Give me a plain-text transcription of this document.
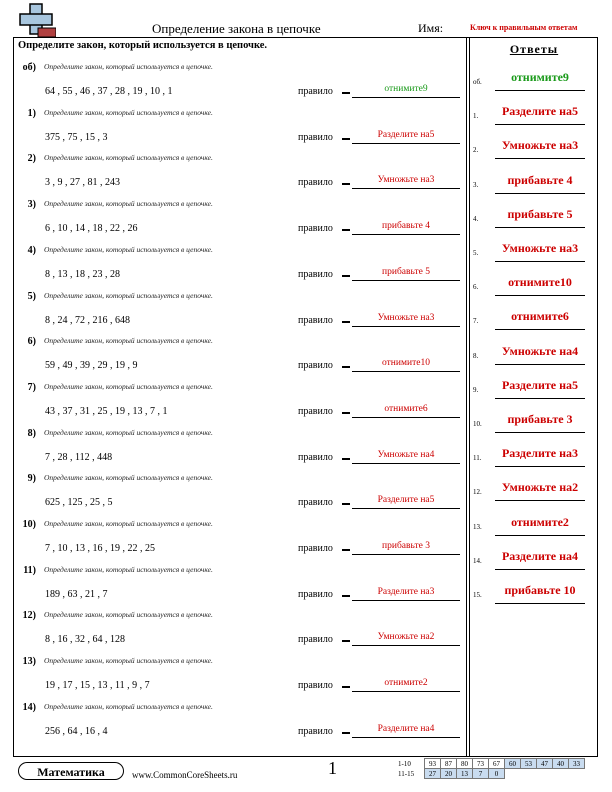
Определение закона в цепочке	Имя:	Ключ к правильным ответам
Определите закон, который используется в цепочке.	Ответы
об) Определите закон, который используется в цепочке.
64 , 55 , 46 , 37 , 28 , 19 , 10 , 1	правило	отнимите9
1) Определите закон, который используется в цепочке.
375 , 75 , 15 , 3	правило	Разделите на5
2) Определите закон, который используется в цепочке.
3 , 9 , 27 , 81 , 243	правило	Умножьте на3
3) Определите закон, который используется в цепочке.
6 , 10 , 14 , 18 , 22 , 26	правило	прибавьте 4
4) Определите закон, который используется в цепочке.
8 , 13 , 18 , 23 , 28	правило	прибавьте 5
5) Определите закон, который используется в цепочке.
8 , 24 , 72 , 216 , 648	правило	Умножьте на3
6) Определите закон, который используется в цепочке.
59 , 49 , 39 , 29 , 19 , 9	правило	отнимите10
7) Определите закон, который используется в цепочке.
43 , 37 , 31 , 25 , 19 , 13 , 7 , 1	правило	отнимите6
8) Определите закон, который используется в цепочке.
7 , 28 , 112 , 448	правило	Умножьте на4
9) Определите закон, который используется в цепочке.
625 , 125 , 25 , 5	правило	Разделите на5
10) Определите закон, который используется в цепочке.
7 , 10 , 13 , 16 , 19 , 22 , 25	правило	прибавьте 3
11) Определите закон, который используется в цепочке.
189 , 63 , 21 , 7	правило	Разделите на3
12) Определите закон, который используется в цепочке.
8 , 16 , 32 , 64 , 128	правило	Умножьте на2
13) Определите закон, который используется в цепочке.
19 , 17 , 15 , 13 , 11 , 9 , 7	правило	отнимите2
14) Определите закон, который используется в цепочке.
256 , 64 , 16 , 4	правило	Разделите на4
об.	отнимите9
1.	Разделите на5
2.	Умножьте на3
3.	прибавьте 4
4.	прибавьте 5
5.	Умножьте на3
6.	отнимите10
7.	отнимите6
8.	Умножьте на4
9.	Разделите на5
10.	прибавьте 3
11.	Разделите на3
12.	Умножьте на2
13.	отнимите2
14.	Разделите на4
15.	прибавьте 10
Математика	www.CommonCoreSheets.ru	1	1-10	93	87	80	73	67	60	53	47	40	33
11-15	27	20	13	7	0					
